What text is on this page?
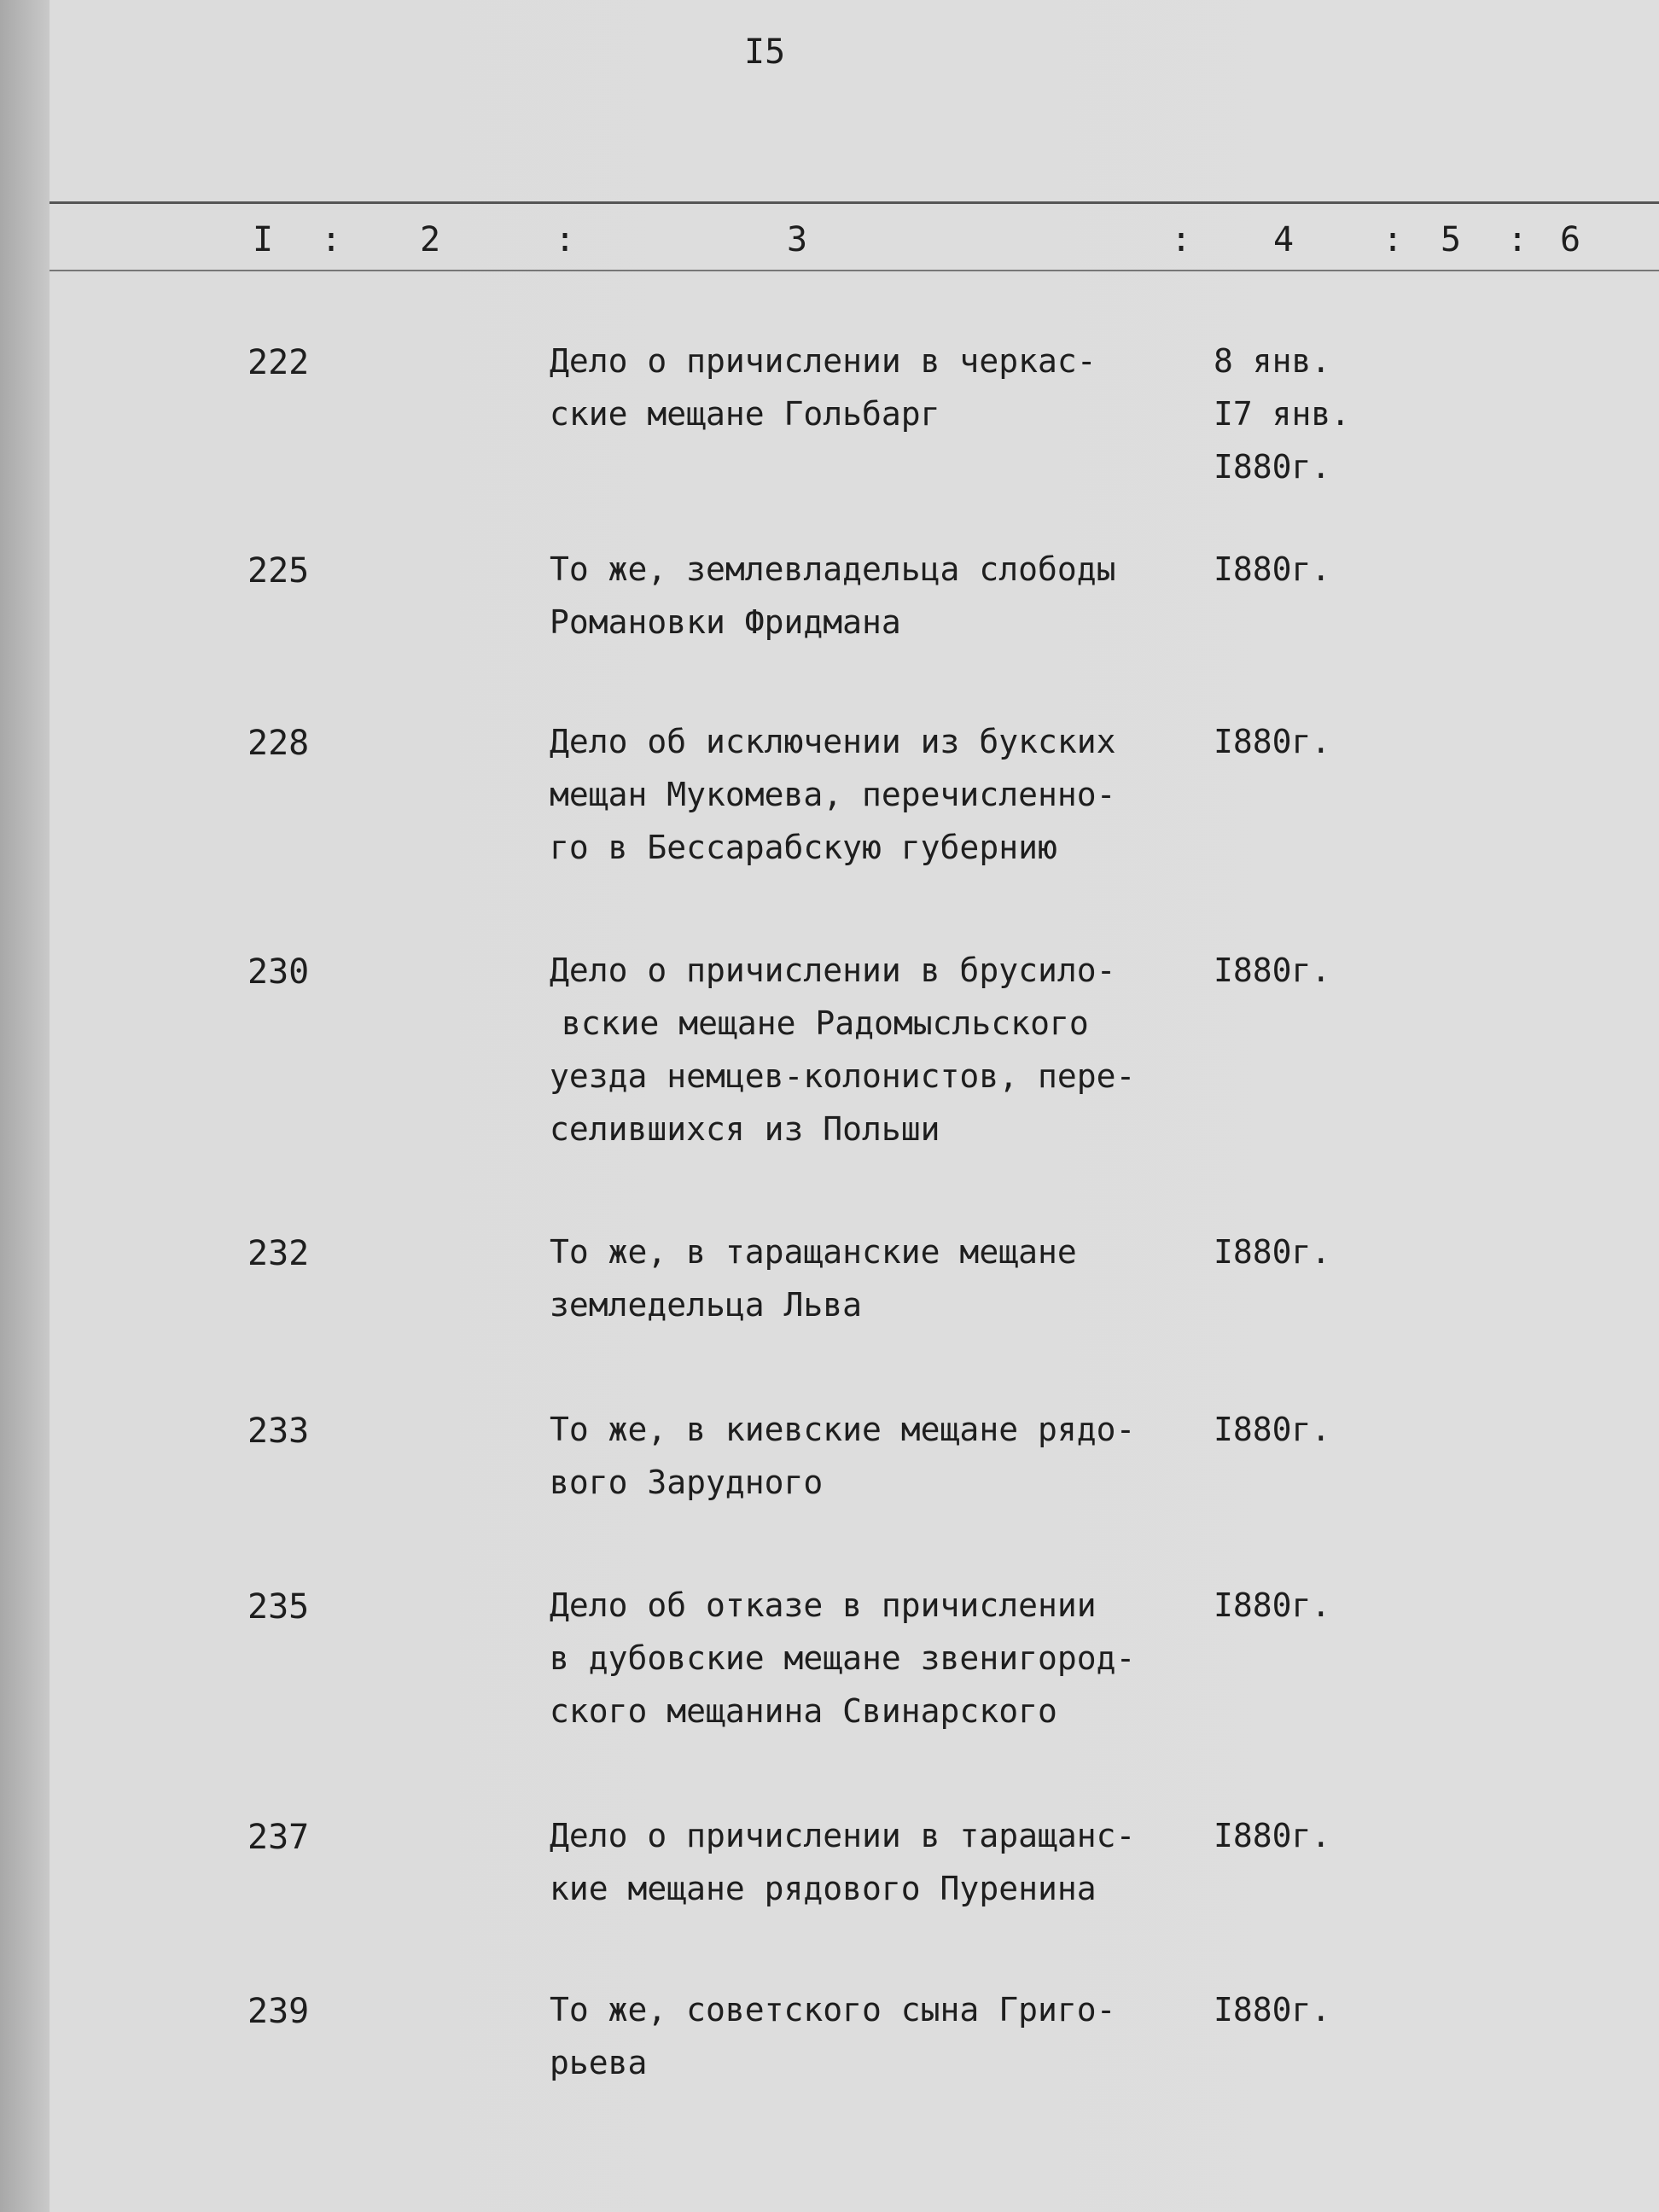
I5
I : 2	:	3	: 4	: 5 : 6
222	Дело о причислении в черкас-
ские мещане Гольбарг
8 янв.
I7 янв.
I880г.
225	То же, землевладельца слободы
Романовки Фридмана
I880г.
228	Дело об исключении из букских
мещан Мукомева, перечисленно-
го в Бессарабскую губернию
I880г.
230	Дело о причислении в брусило-
вские мещане Радомысльского
уезда немцев-колонистов, пере-
селившихся из Польши
I880г.
232	То же, в таращанские мещане
земледельца Льва
I880г.
233	То же, в киевские мещане рядо-
вого Зарудного
I880г.
235	Дело об отказе в причислении
в дубовские мещане звенигород-
ского мещанина Свинарского
I880г.
237	Дело о причислении в таращанс-
кие мещане рядового Пуренина
I880г.
239	То же, советского сына Григо-
рьева
I880г.
